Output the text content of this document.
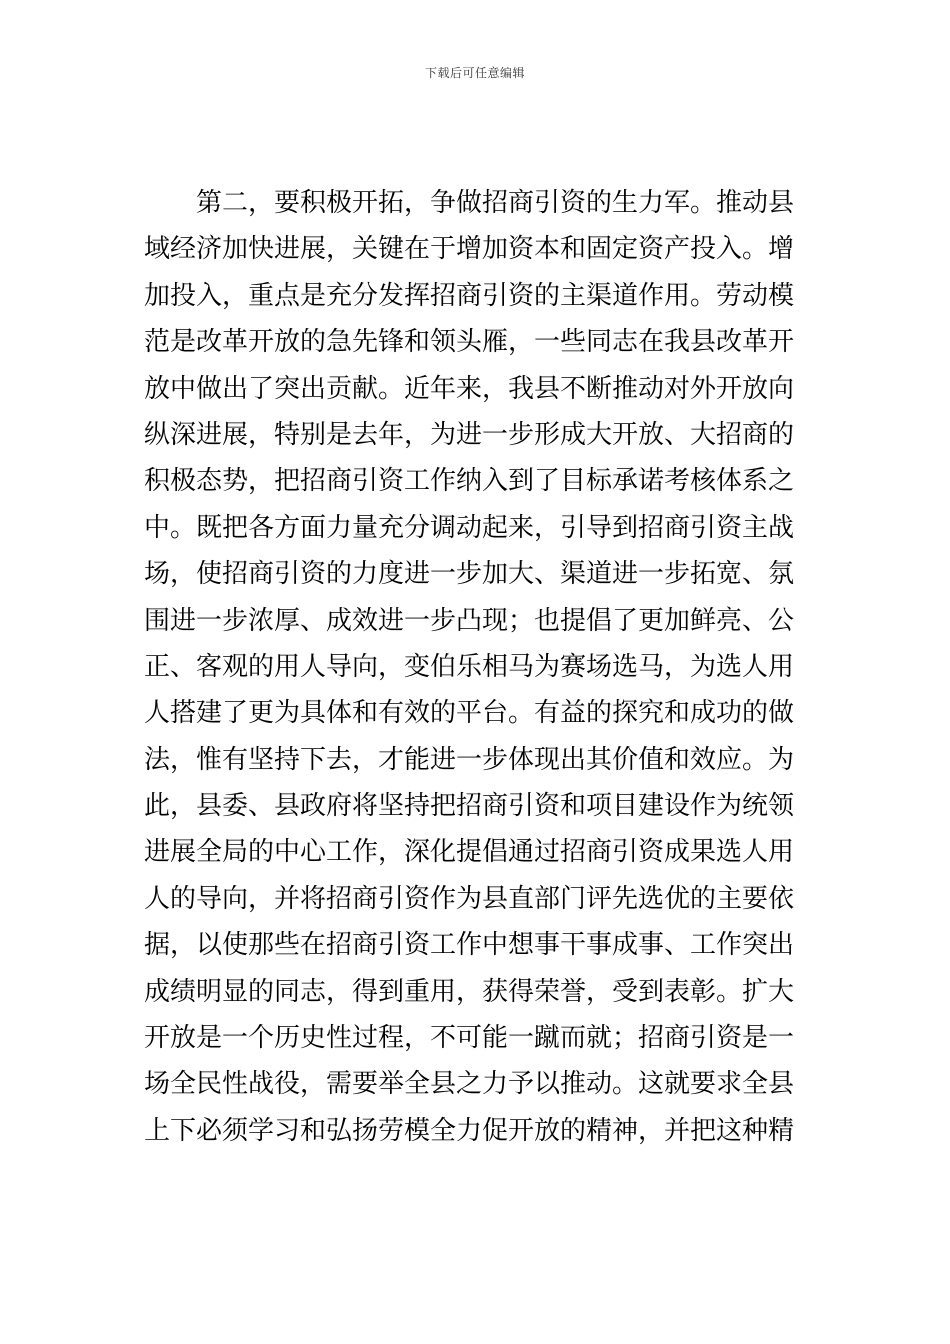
下载后可任意编辑
第二，要积极开拓，争做招商引资的生力军。推动县
域经济加快进展，关键在于增加资本和固定资产投入。增
加投入，重点是充分发挥招商引资的主渠道作用。劳动模
范是改革开放的急先锋和领头雁，一些同志在我县改革开
放中做出了突出贡献。近年来，我县不断推动对外开放向
纵深进展，特别是去年，为进一步形成大开放、大招商的
积极态势，把招商引资工作纳入到了目标承诺考核体系之
中。既把各方面力量充分调动起来，引导到招商引资主战
场，使招商引资的力度进一步加大、渠道进一步拓宽、氛
围进一步浓厚、成效进一步凸现；也提倡了更加鲜亮、公
正、客观的用人导向，变伯乐相马为赛场选马，为选人用
人搭建了更为具体和有效的平台。有益的探究和成功的做
法，惟有坚持下去，才能进一步体现出其价值和效应。为
此，县委、县政府将坚持把招商引资和项目建设作为统领
进展全局的中心工作，深化提倡通过招商引资成果选人用
人的导向，并将招商引资作为县直部门评先选优的主要依
据，以使那些在招商引资工作中想事干事成事、工作突出
成绩明显的同志，得到重用，获得荣誉，受到表彰。扩大
开放是一个历史性过程，不可能一蹴而就；招商引资是一
场全民性战役，需要举全县之力予以推动。这就要求全县
上下必须学习和弘扬劳模全力促开放的精神，并把这种精
